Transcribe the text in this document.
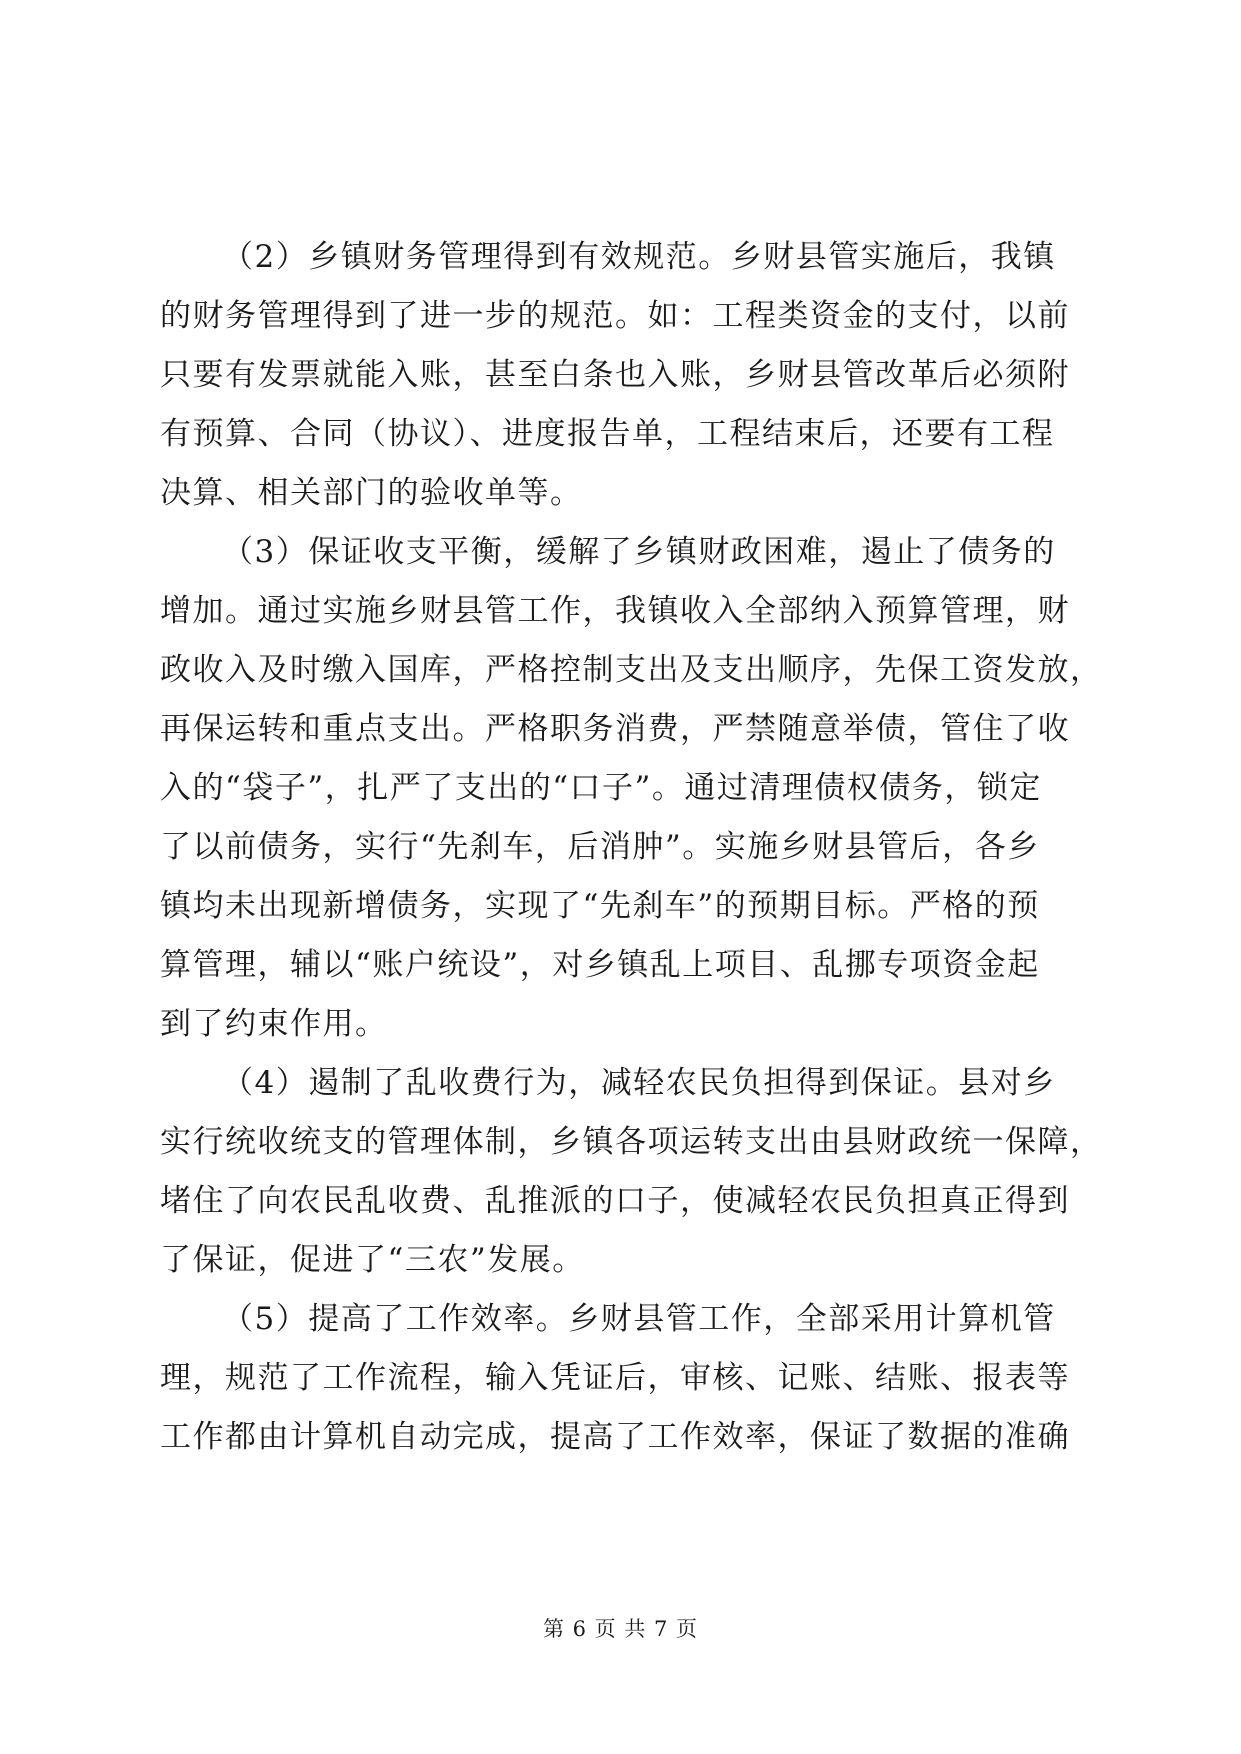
（2）乡镇财务管理得到有效规范。乡财县管实施后，我镇

的财务管理得到了进一步的规范。如：工程类资金的支付，以前

只要有发票就能入账，甚至白条也入账，乡财县管改革后必须附

有预算、合同（协议）、进度报告单，工程结束后，还要有工程

决算、相关部门的验收单等。

（3）保证收支平衡，缓解了乡镇财政困难，遏止了债务的

增加。通过实施乡财县管工作，我镇收入全部纳入预算管理，财

政收入及时缴入国库，严格控制支出及支出顺序，先保工资发放，

再保运转和重点支出。严格职务消费，严禁随意举债，管住了收

入的“袋子”，扎严了支出的“口子”。通过清理债权债务，锁定

了以前债务，实行“先刹车，后消肿”。实施乡财县管后，各乡

镇均未出现新增债务，实现了“先刹车”的预期目标。严格的预

算管理，辅以“账户统设”，对乡镇乱上项目、乱挪专项资金起

到了约束作用。

（4）遏制了乱收费行为，减轻农民负担得到保证。县对乡

实行统收统支的管理体制，乡镇各项运转支出由县财政统一保障，

堵住了向农民乱收费、乱推派的口子，使减轻农民负担真正得到

了保证，促进了“三农”发展。

（5）提高了工作效率。乡财县管工作，全部采用计算机管

理，规范了工作流程，输入凭证后，审核、记账、结账、报表等

工作都由计算机自动完成，提高了工作效率，保证了数据的准确

第 6 页 共 7 页
